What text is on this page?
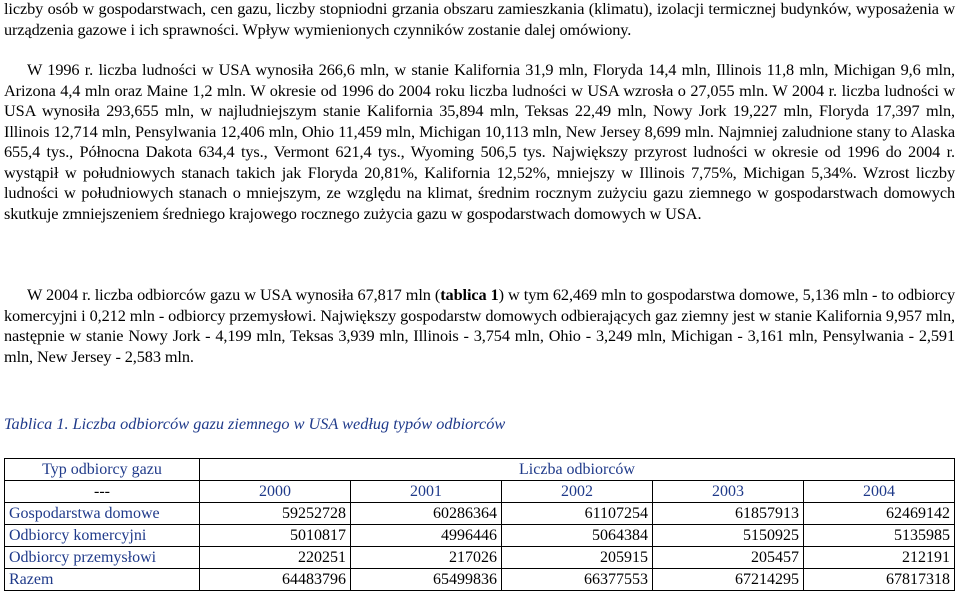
liczby osób w gospodarstwach, cen gazu, liczby stopniodni grzania obszaru zamieszkania (klimatu), izolacji termicznej budynków, wyposażenia w urządzenia gazowe i ich sprawności. Wpływ wymienionych czynników zostanie dalej omówiony.

W 1996 r. liczba ludności w USA wynosiła 266,6 mln, w stanie Kalifornia 31,9 mln, Floryda 14,4 mln, Illinois 11,8 mln, Michigan 9,6 mln, Arizona 4,4 mln oraz Maine 1,2 mln. W okresie od 1996 do 2004 roku liczba ludności w USA wzrosła o 27,055 mln. W 2004 r. liczba ludności w USA wynosiła 293,655 mln, w najludniejszym stanie Kalifornia 35,894 mln, Teksas 22,49 mln, Nowy Jork 19,227 mln, Floryda 17,397 mln, Illinois 12,714 mln, Pensylwania 12,406 mln, Ohio 11,459 mln, Michigan 10,113 mln, New Jersey 8,699 mln. Najmniej zaludnione stany to Alaska 655,4 tys., Północna Dakota 634,4 tys., Vermont 621,4 tys., Wyoming 506,5 tys. Największy przyrost ludności w okresie od 1996 do 2004 r. wystąpił w południowych stanach takich jak Floryda 20,81%, Kalifornia 12,52%, mniejszy w Illinois 7,75%, Michigan 5,34%. Wzrost liczby ludności w południowych stanach o mniejszym, ze względu na klimat, średnim rocznym zużyciu gazu ziemnego w gospodarstwach domowych skutkuje zmniejszeniem średniego krajowego rocznego zużycia gazu w gospodarstwach domowych w USA.

W 2004 r. liczba odbiorców gazu w USA wynosiła 67,817 mln (tablica 1) w tym 62,469 mln to gospodarstwa domowe, 5,136 mln - to odbiorcy komercyjni i 0,212 mln - odbiorcy przemysłowi. Największy gospodarstw domowych odbierających gaz ziemny jest w stanie Kalifornia 9,957 mln, następnie w stanie Nowy Jork - 4,199 mln, Teksas 3,939 mln, Illinois - 3,754 mln, Ohio - 3,249 mln, Michigan - 3,161 mln, Pensylwania - 2,591 mln, New Jersey - 2,583 mln.

Tablica 1. Liczba odbiorców gazu ziemnego w USA według typów odbiorców

Typ odbiorcy gazu	Liczba odbiorców				
---	2000	2001	2002	2003	2004
Gospodarstwa domowe	59252728	60286364	61107254	61857913	62469142
Odbiorcy komercyjni	5010817	4996446	5064384	5150925	5135985
Odbiorcy przemysłowi	220251	217026	205915	205457	212191
Razem	64483796	65499836	66377553	67214295	67817318
